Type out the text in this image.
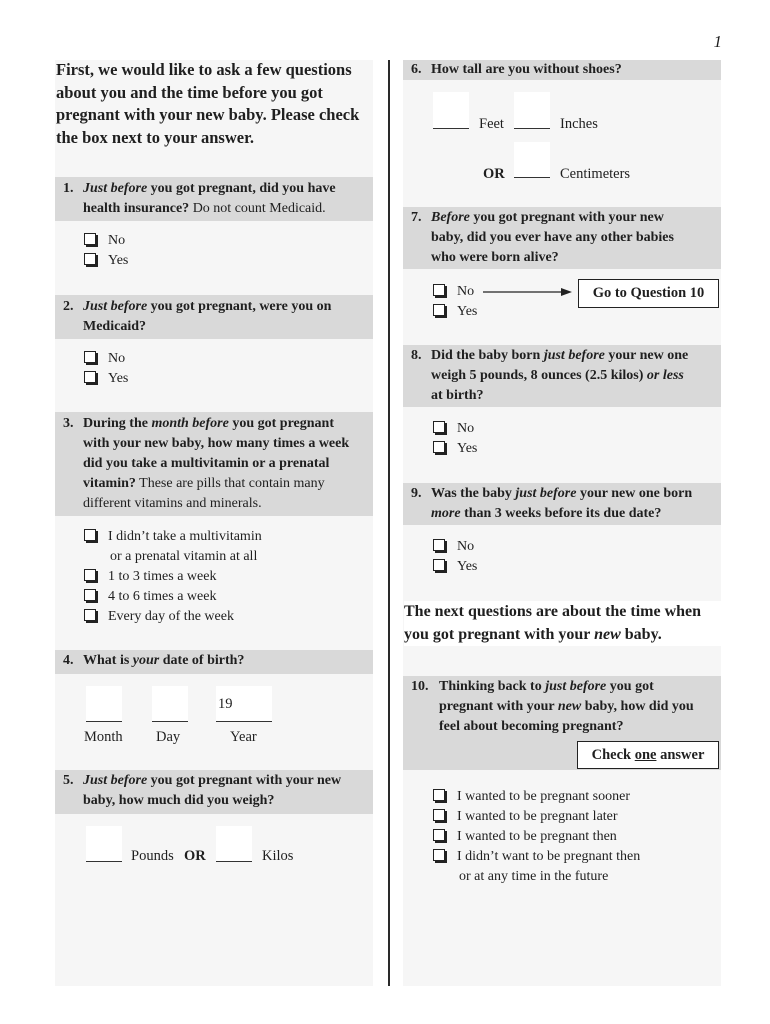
1
First, we would like to ask a few questions
about you and the time before you got
pregnant with your new baby. Please check
the box next to your answer.
1. Just before you got pregnant, did you have
health insurance? Do not count Medicaid.
No
Yes
2. Just before you got pregnant, were you on
Medicaid?
No
Yes
3. During the month before you got pregnant
with your new baby, how many times a week
did you take a multivitamin or a prenatal
vitamin? These are pills that contain many
different vitamins and minerals.
I didn’t take a multivitamin
or a prenatal vitamin at all
1 to 3 times a week
4 to 6 times a week
Every day of the week
4. What is your date of birth?
19
Month Day	Year
5. Just before you got pregnant with your new
baby, how much did you weigh?
Pounds OR	Kilos
6. How tall are you without shoes?
Feet	Inches
OR	Centimeters
7. Before you got pregnant with your new
baby, did you ever have any other babies
who were born alive?
No
Yes
Go to Question 10
8. Did the baby born just before your new one
weigh 5 pounds, 8 ounces (2.5 kilos) or less
at birth?
No
Yes
9. Was the baby just before your new one born
more than 3 weeks before its due date?
No
Yes
The next questions are about the time when
you got pregnant with your new baby.
10. Thinking back to just before you got
pregnant with your new baby, how did you
feel about becoming pregnant?
Check one answer
I wanted to be pregnant sooner
I wanted to be pregnant later
I wanted to be pregnant then
I didn’t want to be pregnant then
or at any time in the future
